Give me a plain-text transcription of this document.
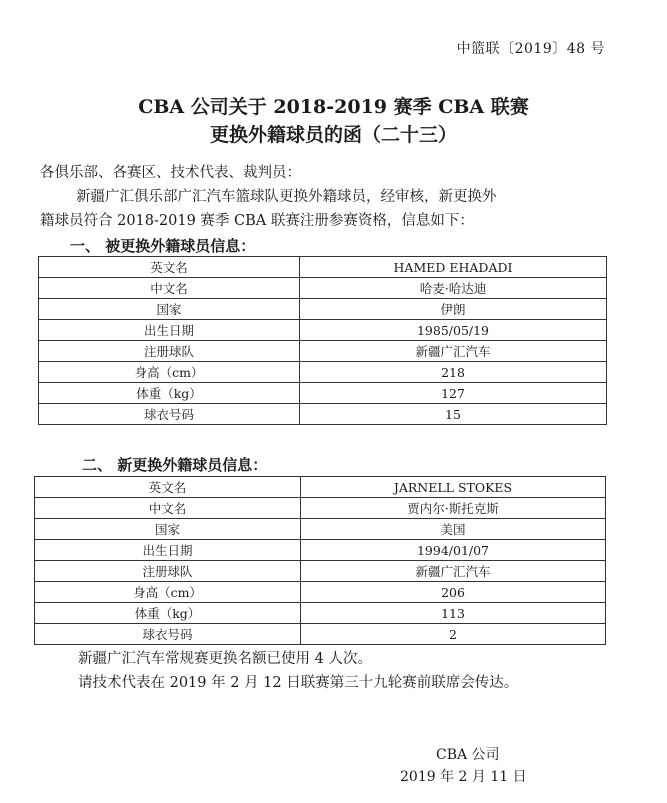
中篮联〔2019〕48 号
CBA 公司关于 2018-2019 赛季 CBA 联赛
更换外籍球员的函（二十三）
各俱乐部、各赛区、技术代表、裁判员：
新疆广汇俱乐部广汇汽车篮球队更换外籍球员，经审核，新更换外
籍球员符合 2018-2019 赛季 CBA 联赛注册参赛资格，信息如下：
一、 被更换外籍球员信息：
英文名	HAMED EHADADI
中文名	哈麦·哈达迪
国家	伊朗
出生日期	1985/05/19
注册球队	新疆广汇汽车
身高（cm）	218
体重（kg）	127
球衣号码	15
二、 新更换外籍球员信息：
英文名	JARNELL STOKES
中文名	贾内尔·斯托克斯
国家	美国
出生日期	1994/01/07
注册球队	新疆广汇汽车
身高（cm）	206
体重（kg）	113
球衣号码	2
新疆广汇汽车常规赛更换名额已使用 4 人次。
请技术代表在 2019 年 2 月 12 日联赛第三十九轮赛前联席会传达。
CBA 公司
2019 年 2 月 11 日
